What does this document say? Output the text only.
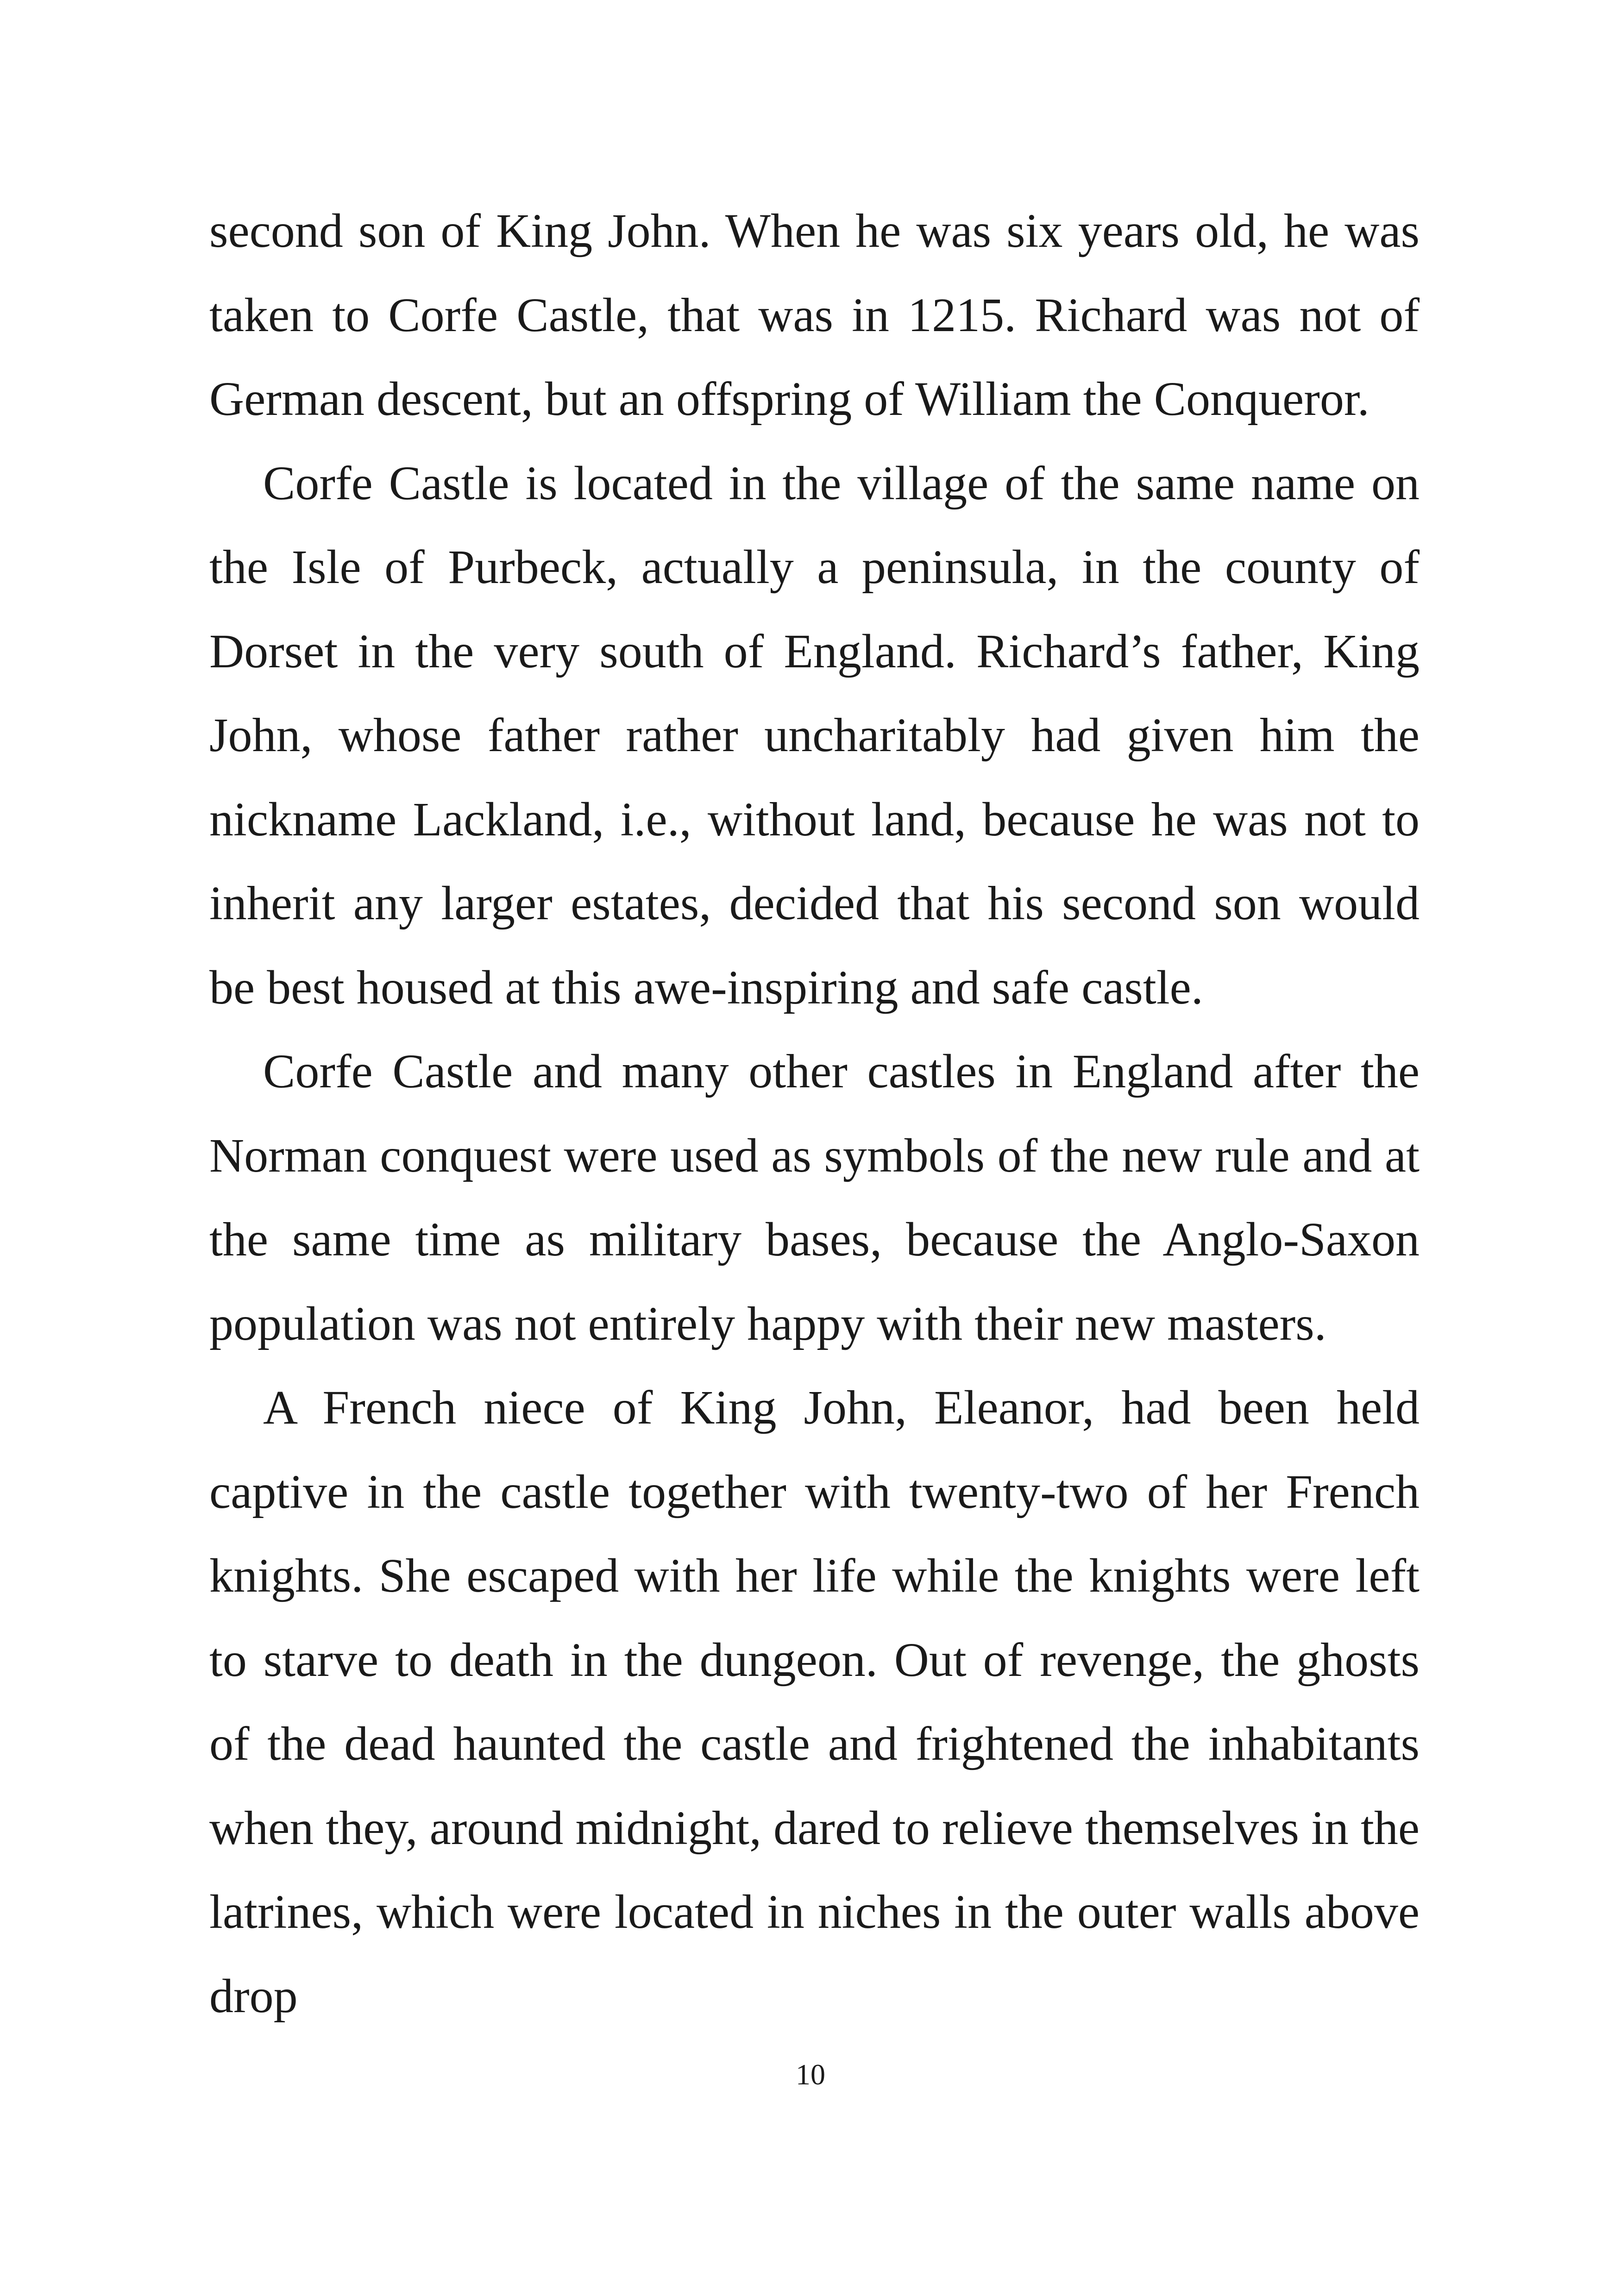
second son of King John. When he was six years old, he was taken to Corfe Castle, that was in 1215. Richard was not of German descent, but an offspring of William the Conqueror.

Corfe Castle is located in the village of the same name on the Isle of Purbeck, actually a peninsula, in the county of Dorset in the very south of England. Richard’s father, King John, whose father rather uncharitably had given him the nickname Lackland, i.e., without land, because he was not to inherit any larger estates, decided that his second son would be best housed at this awe-inspiring and safe castle.

Corfe Castle and many other castles in England after the Norman conquest were used as symbols of the new rule and at the same time as military bases, because the Anglo-Saxon population was not entirely happy with their new masters.

A French niece of King John, Eleanor, had been held captive in the castle together with twenty-two of her French knights. She escaped with her life while the knights were left to starve to death in the dungeon. Out of revenge, the ghosts of the dead haunted the castle and frightened the inhabitants when they, around midnight, dared to relieve themselves in the latrines, which were located in niches in the outer walls above drop

10
